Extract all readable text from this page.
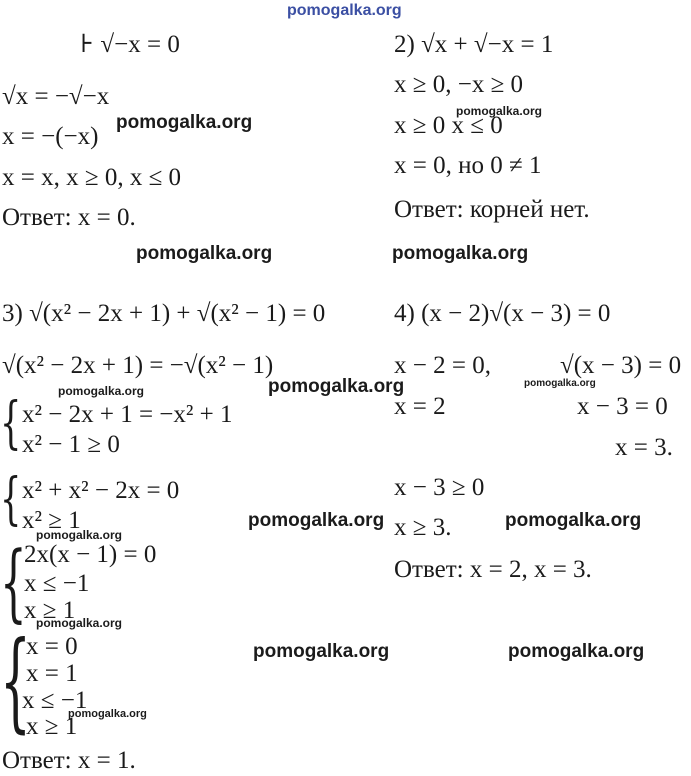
pomogalka.org
pomogalka.org
pomogalka.org
pomogalka.org	pomogalka.org
pomogalka.org	pomogalka.org	pomogalka.org
pomogalka.org	pomogalka.org
pomogalka.org
pomogalka.org
pomogalka.org	pomogalka.org
pomogalka.org
⊦ √−x = 0
√x = −√−x
x = −(−x)
x = x, x ≥ 0, x ≤ 0
Ответ: x = 0.
2) √x + √−x = 1
x ≥ 0, −x ≥ 0
x ≥ 0 x ≤ 0
x = 0, но 0 ≠ 1
Ответ: корней нет.
3) √(x² − 2x + 1) + √(x² − 1) = 0
√(x² − 2x + 1) = −√(x² − 1)
{ x² − 2x + 1 = −x² + 1
x² − 1 ≥ 0
{ x² + x² − 2x = 0
x² ≥ 1
{
2x(x − 1) = 0
x ≤ −1
x ≥ 1
{
x = 0
x = 1
x ≤ −1
x ≥ 1
Ответ: x = 1.
4) (x − 2)√(x − 3) = 0
x − 2 = 0,	√(x − 3) = 0
x = 2	x − 3 = 0
x = 3.
x − 3 ≥ 0
x ≥ 3.
Ответ: x = 2, x = 3.
